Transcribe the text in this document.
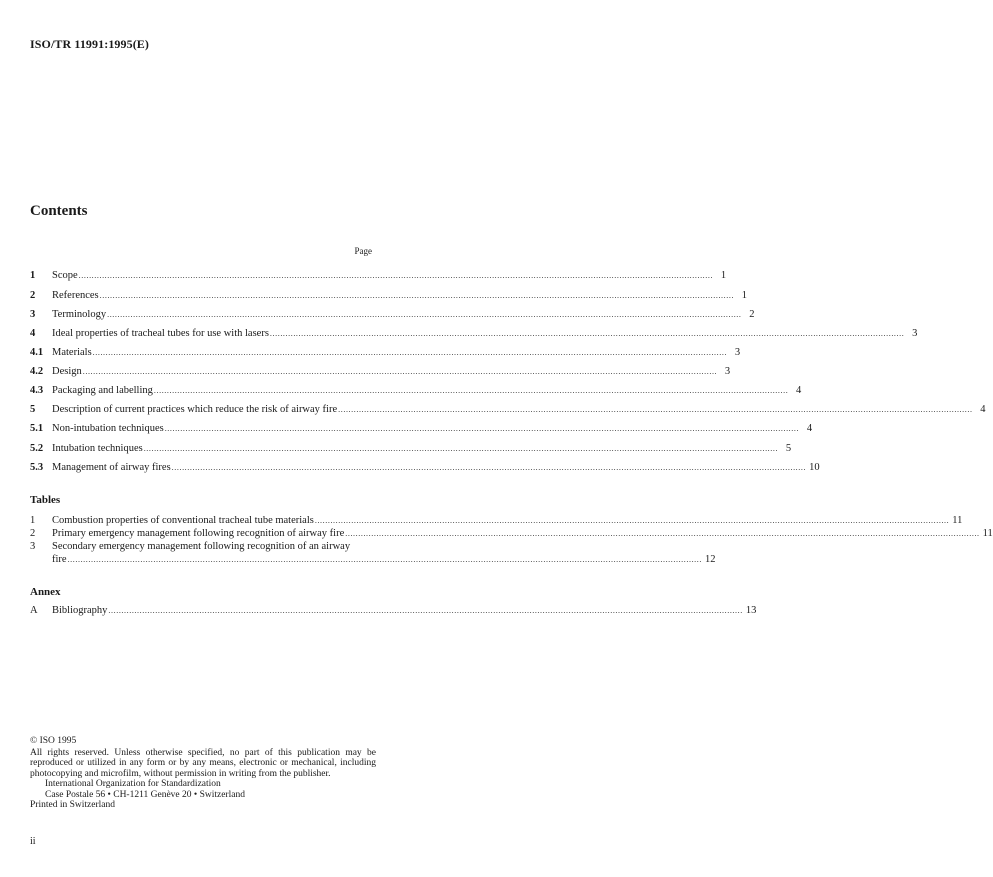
ISO/TR 11991:1995(E)
Contents
Page
1	Scope .....	1
2	References .....	1
3	Terminology .....	2
4	Ideal properties of tracheal tubes for use with lasers .....	3
4.1 Materials .....	3
4.2 Design .....	3
4.3 Packaging and labelling .....	4
5	Description of current practices which reduce the risk of airway fire .....	4
5.1 Non-intubation techniques .....	4
5.2 Intubation techniques .....	5
5.3 Management of airway fires .....	10
Tables
1	Combustion properties of conventional tracheal tube materials .....	11
2	Primary emergency management following recognition of airway fire .....	11
3	Secondary emergency management following recognition of an airway
fire .....	12
Annex
A	Bibliography .....	13
© ISO 1995
All rights reserved. Unless otherwise specified, no part of this publication may be reproduced or utilized in any form or by any means, electronic or mechanical, including photocopying and microfilm, without permission in writing from the publisher.
International Organization for Standardization
Case Postale 56 • CH-1211 Genève 20 • Switzerland
Printed in Switzerland
ii
